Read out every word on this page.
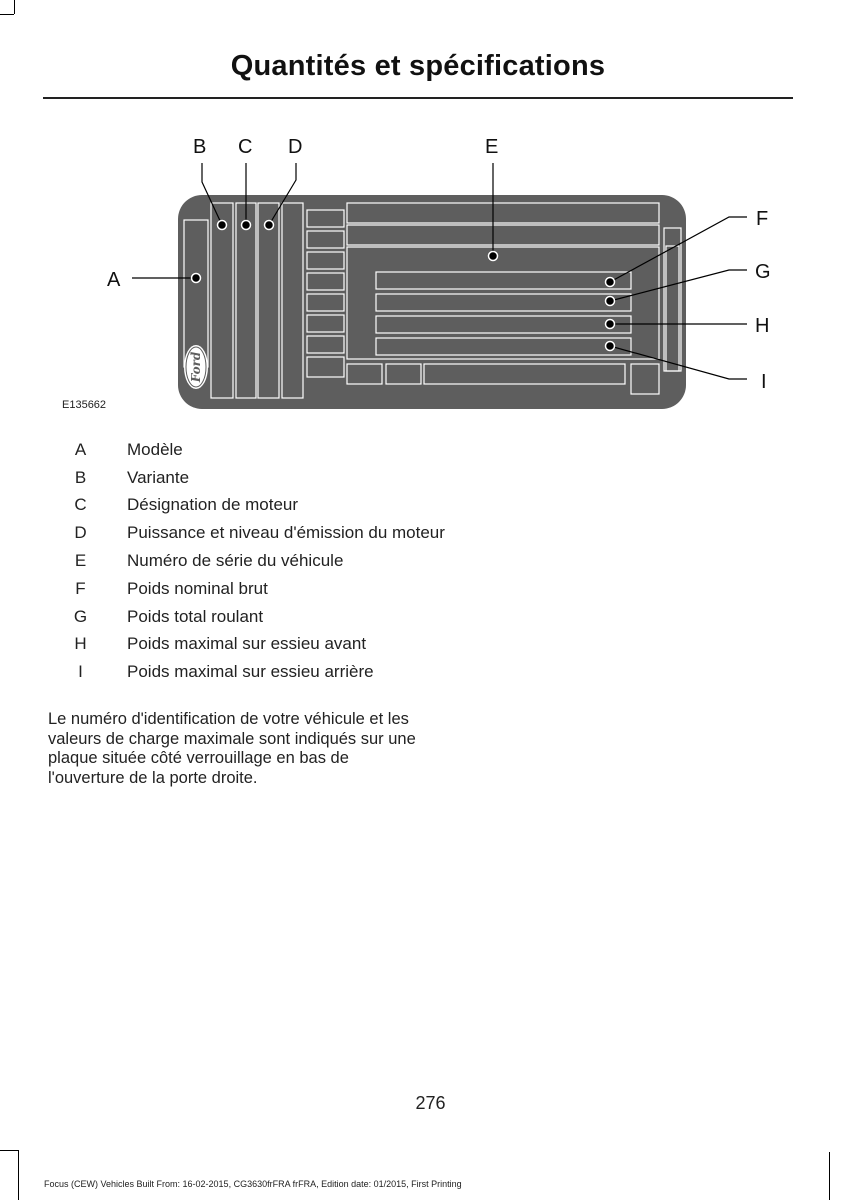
Quantités et spécifications
Ford
A
B C D	E
F
G
H
I
E135662
A Modèle
B Variante
C Désignation de moteur
D Puissance et niveau d'émission du moteur
E Numéro de série du véhicule
F	Poids nominal brut
G Poids total roulant
H Poids maximal sur essieu avant
I	Poids maximal sur essieu arrière
Le numéro d'identification de votre véhicule et les valeurs de charge maximale sont indiqués sur une plaque située côté verrouillage en bas de l'ouverture de la porte droite.
276
Focus (CEW) Vehicles Built From: 16-02-2015, CG3630frFRA frFRA, Edition date: 01/2015, First Printing
